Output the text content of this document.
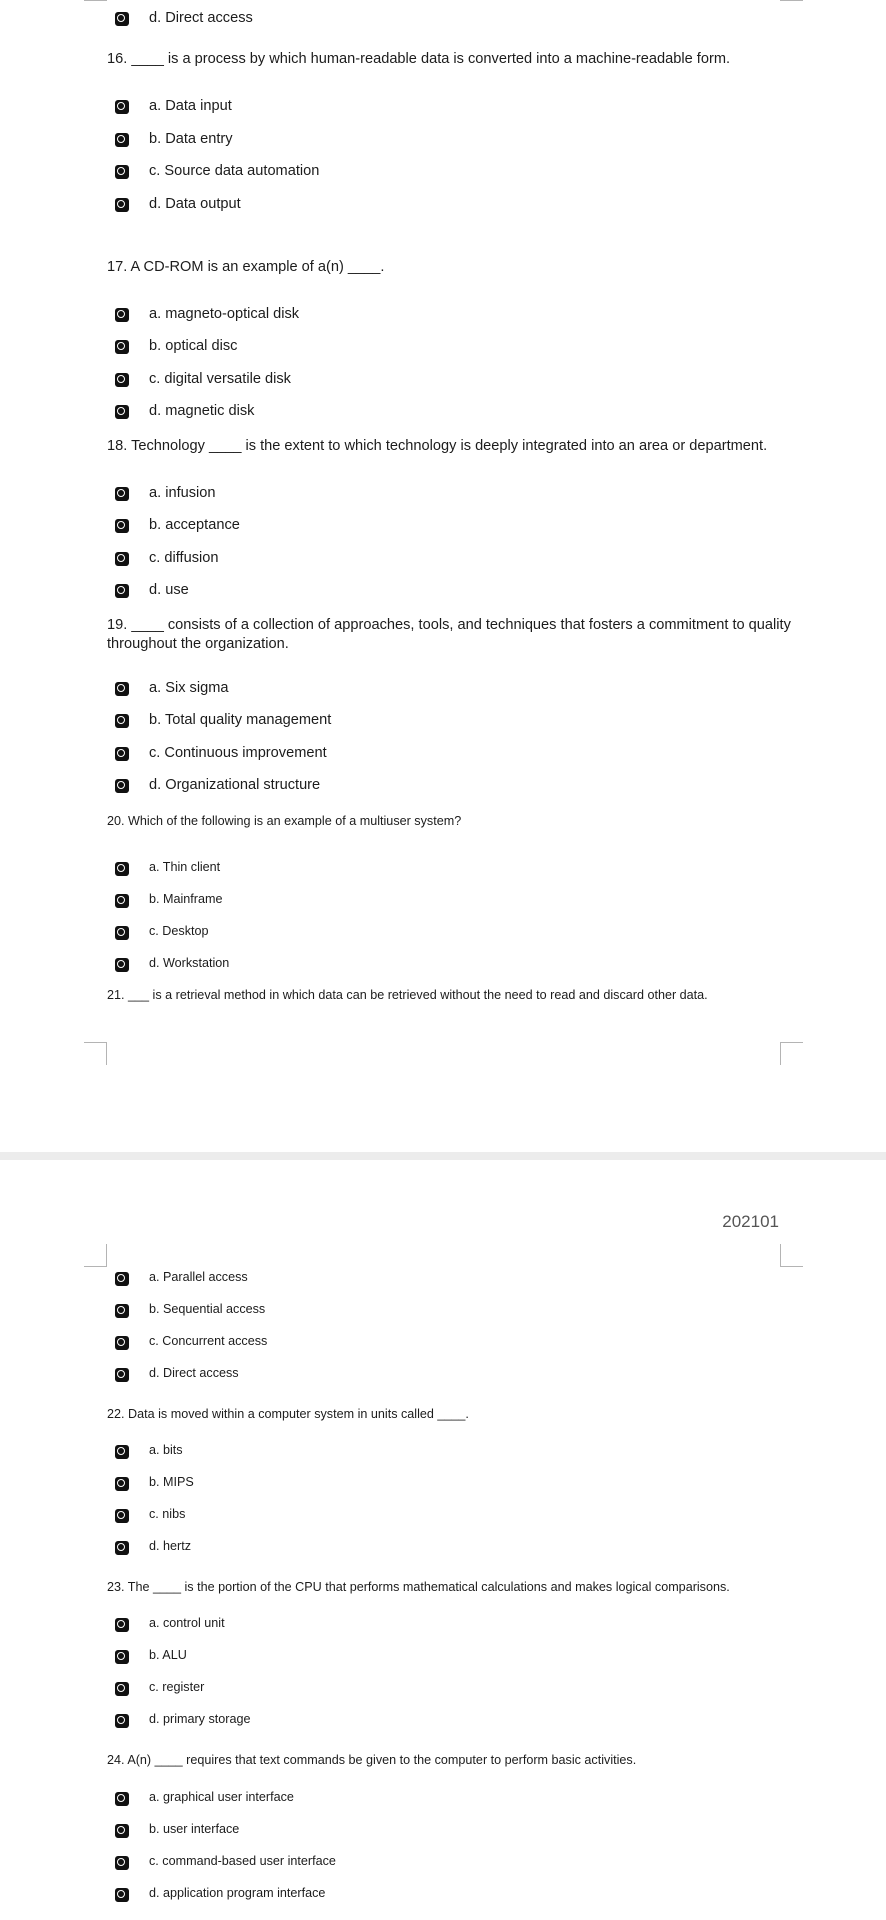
d. Direct access
16. ____ is a process by which human-readable data is converted into a machine-readable form.
a. Data input
b. Data entry
c. Source data automation
d. Data output
17. A CD-ROM is an example of a(n) ____.
a. magneto-optical disk
b. optical disc
c. digital versatile disk
d. magnetic disk
18. Technology ____ is the extent to which technology is deeply integrated into an area or department.
a. infusion
b. acceptance
c. diffusion
d. use
19. ____ consists of a collection of approaches, tools, and techniques that fosters a commitment to quality throughout the organization.
a. Six sigma
b. Total quality management
c. Continuous improvement
d. Organizational structure
20. Which of the following is an example of a multiuser system?
a. Thin client
b. Mainframe
c. Desktop
d. Workstation
21. ___ is a retrieval method in which data can be retrieved without the need to read and discard other data.
202101
a. Parallel access
b. Sequential access
c. Concurrent access
d. Direct access
22. Data is moved within a computer system in units called ____.
a. bits
b. MIPS
c. nibs
d. hertz
23. The ____ is the portion of the CPU that performs mathematical calculations and makes logical comparisons.
a. control unit
b. ALU
c. register
d. primary storage
24. A(n) ____ requires that text commands be given to the computer to perform basic activities.
a. graphical user interface
b. user interface
c. command-based user interface
d. application program interface
